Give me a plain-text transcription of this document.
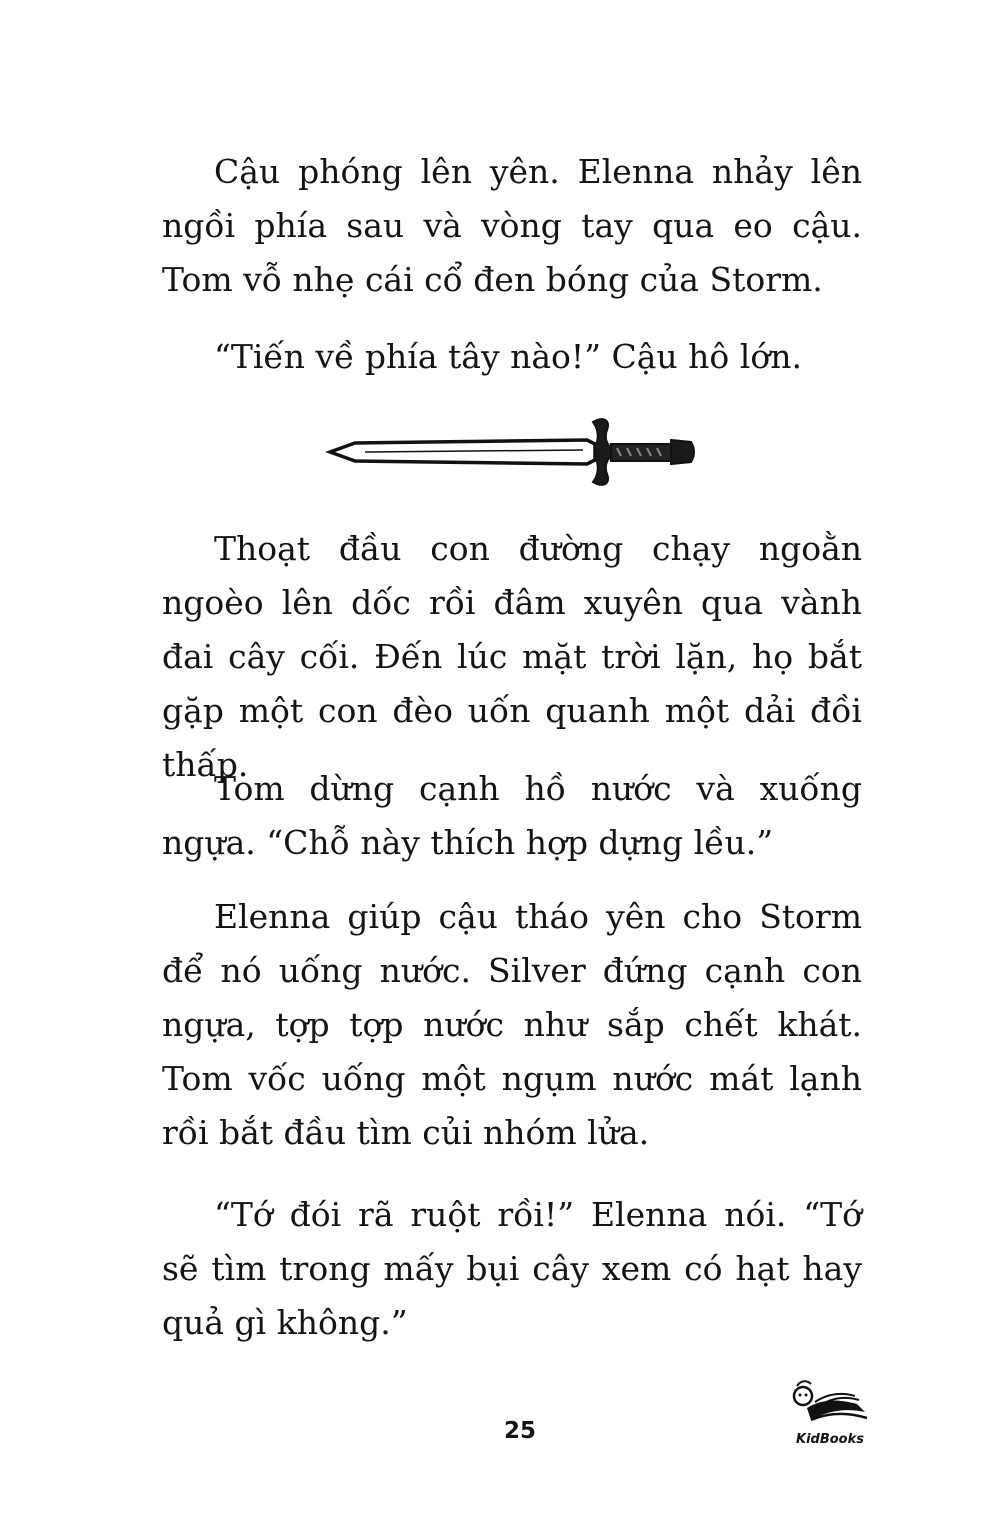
Cậu phóng lên yên. Elenna nhảy lên ngồi phía sau và vòng tay qua eo cậu. Tom vỗ nhẹ cái cổ đen bóng của Storm.

“Tiến về phía tây nào!” Cậu hô lớn.

Thoạt đầu con đường chạy ngoằn ngoèo lên dốc rồi đâm xuyên qua vành đai cây cối. Đến lúc mặt trời lặn, họ bắt gặp một con đèo uốn quanh một dải đồi thấp.

Tom dừng cạnh hồ nước và xuống ngựa. “Chỗ này thích hợp dựng lều.”

Elenna giúp cậu tháo yên cho Storm để nó uống nước. Silver đứng cạnh con ngựa, tợp tợp nước như sắp chết khát. Tom vốc uống một ngụm nước mát lạnh rồi bắt đầu tìm củi nhóm lửa.

“Tớ đói rã ruột rồi!” Elenna nói. “Tớ sẽ tìm trong mấy bụi cây xem có hạt hay quả gì không.”

25	KidBooks
